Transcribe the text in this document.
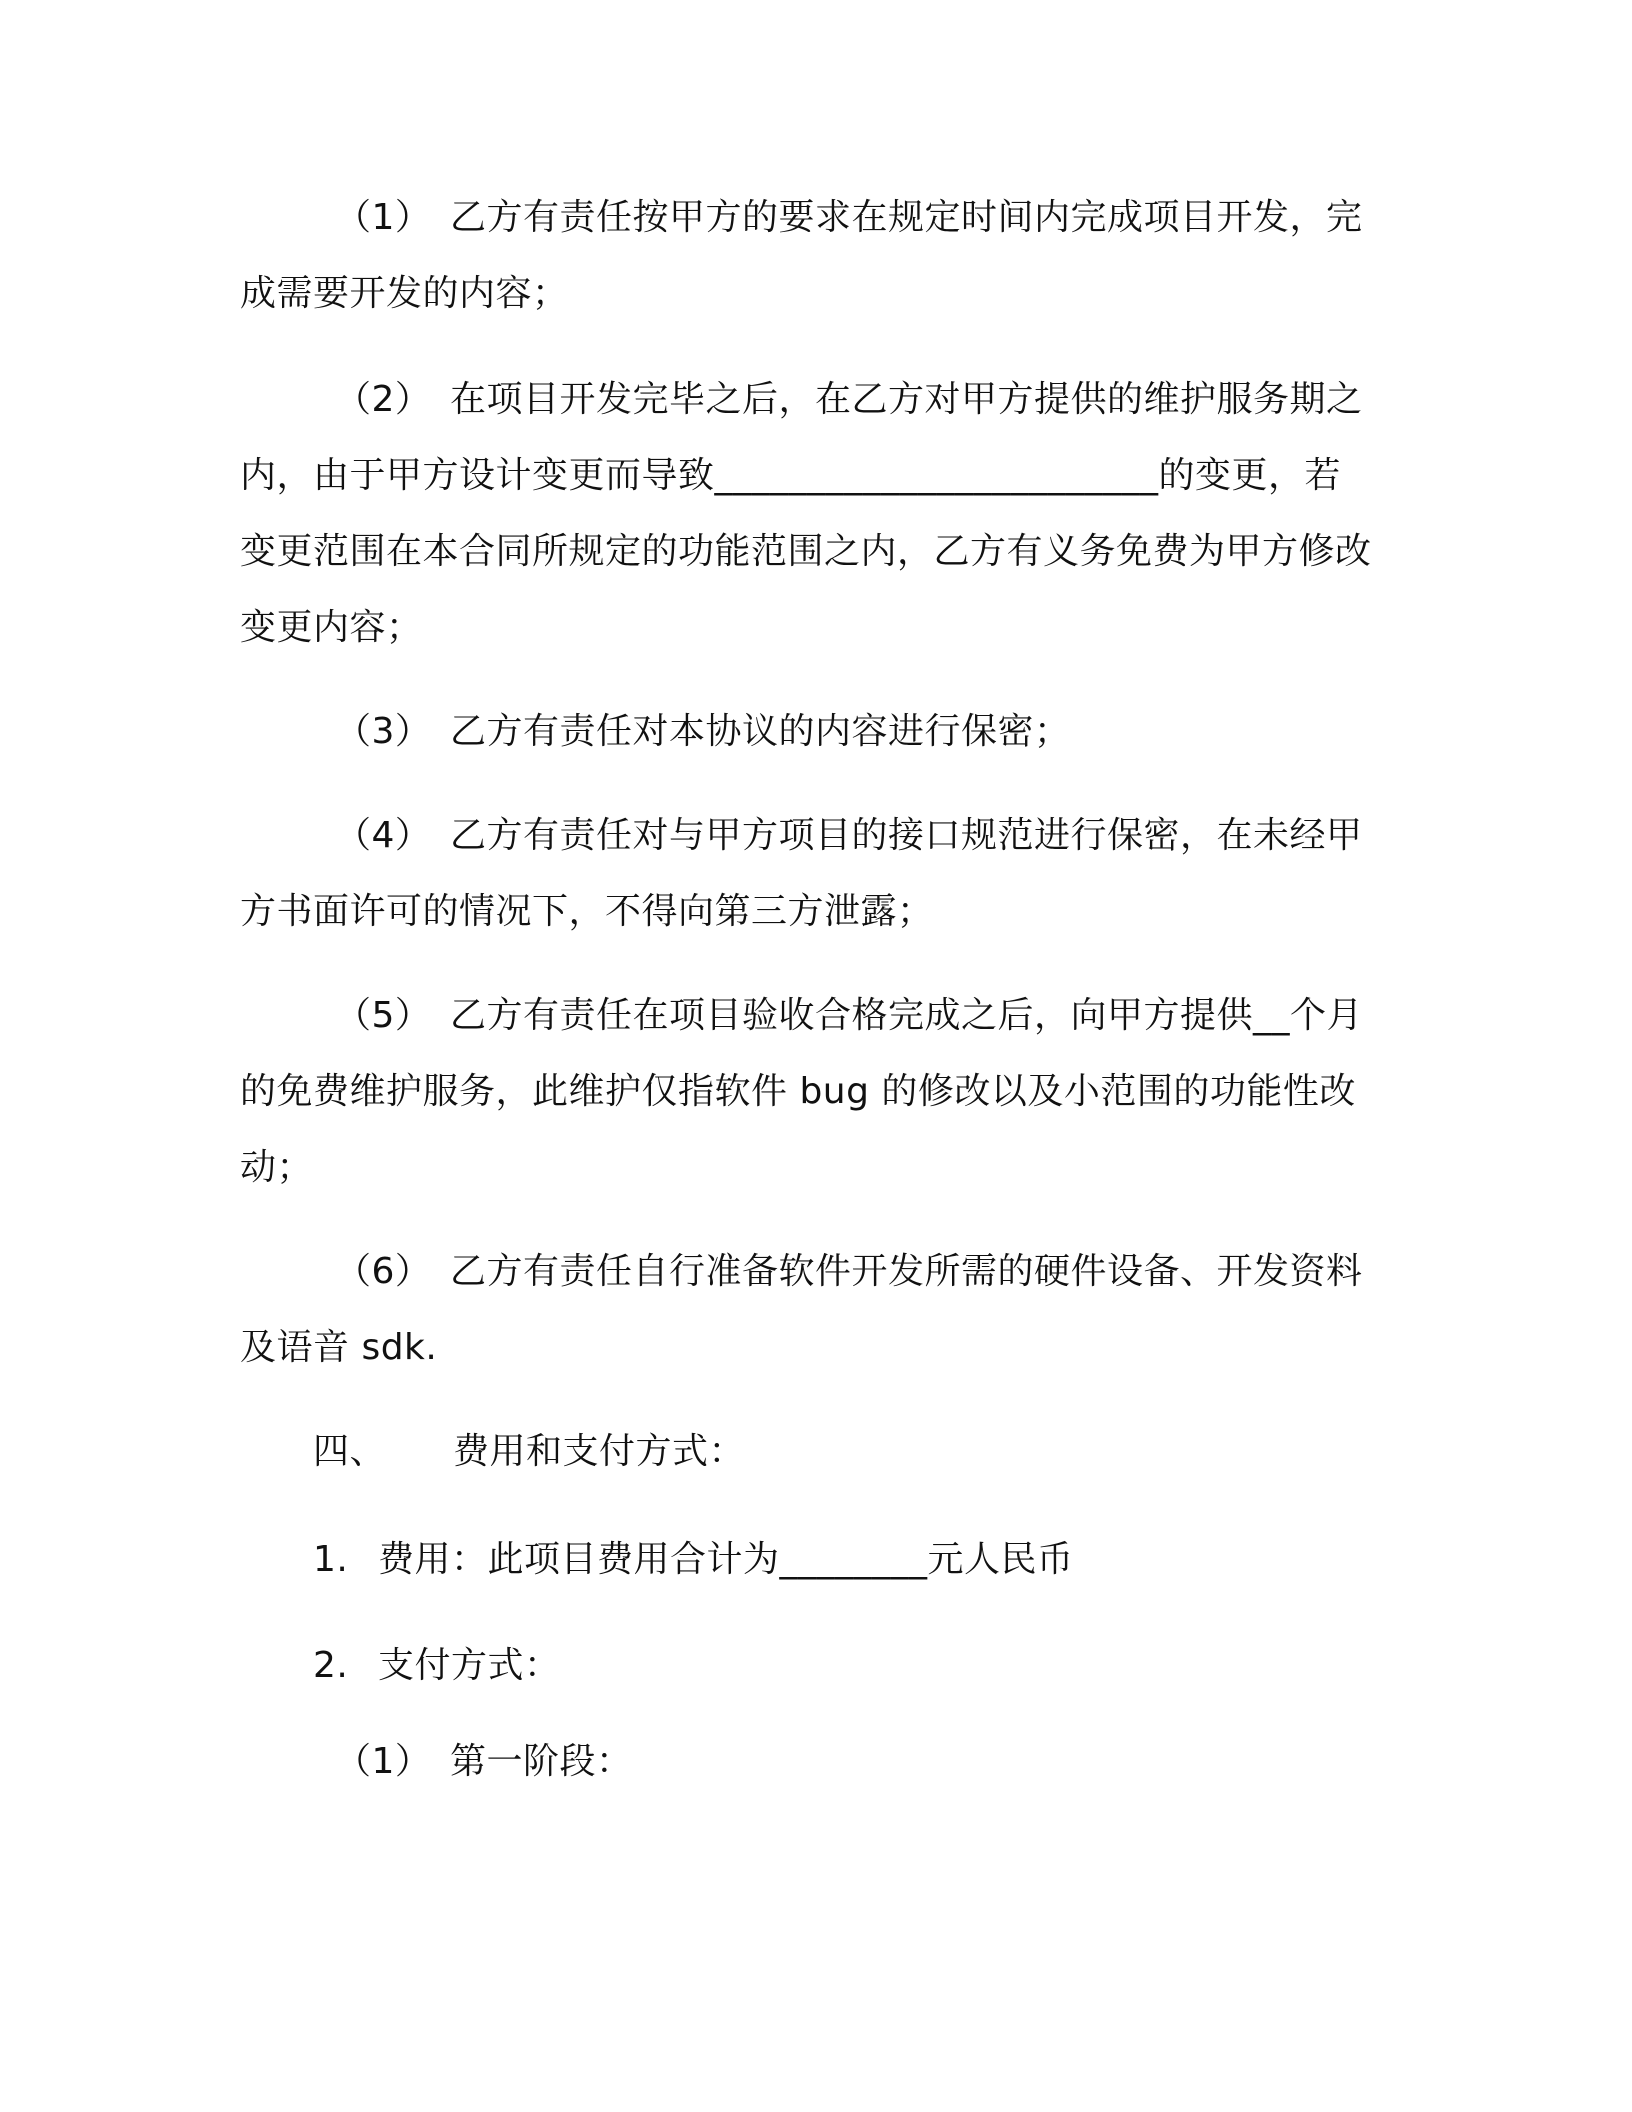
（1） 乙方有责任按甲方的要求在规定时间内完成项目开发，完成需要开发的内容；
（2） 在项目开发完毕之后，在乙方对甲方提供的维护服务期之内，由于甲方设计变更而导致________________________的变更，若变更范围在本合同所规定的功能范围之内，乙方有义务免费为甲方修改变更内容；
（3） 乙方有责任对本协议的内容进行保密；
（4） 乙方有责任对与甲方项目的接口规范进行保密，在未经甲方书面许可的情况下，不得向第三方泄露；
（5） 乙方有责任在项目验收合格完成之后，向甲方提供__个月的免费维护服务，此维护仅指软件 bug 的修改以及小范围的功能性改动；
（6） 乙方有责任自行准备软件开发所需的硬件设备、开发资料及语音 sdk.
四、 费用和支付方式：
1. 费用：此项目费用合计为________元人民币
2. 支付方式：
（1） 第一阶段：
